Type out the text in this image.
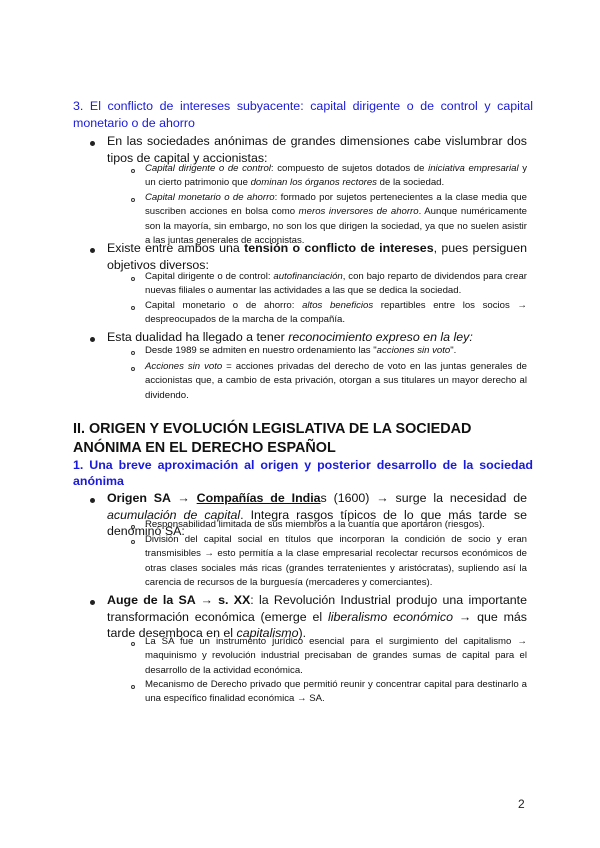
3. El conflicto de intereses subyacente: capital dirigente o de control y capital monetario o de ahorro
En las sociedades anónimas de grandes dimensiones cabe vislumbrar dos tipos de capital y accionistas:
Capital dirigente o de control: compuesto de sujetos dotados de iniciativa empresarial y un cierto patrimonio que dominan los órganos rectores de la sociedad.
Capital monetario o de ahorro: formado por sujetos pertenecientes a la clase media que suscriben acciones en bolsa como meros inversores de ahorro. Aunque numéricamente son la mayoría, sin embargo, no son los que dirigen la sociedad, ya que no suelen asistir a las juntas generales de accionistas.
Existe entre ambos una tensión o conflicto de intereses, pues persiguen objetivos diversos:
Capital dirigente o de control: autofinanciación, con bajo reparto de dividendos para crear nuevas filiales o aumentar las actividades a las que se dedica la sociedad.
Capital monetario o de ahorro: altos beneficios repartibles entre los socios → despreocupados de la marcha de la compañía.
Esta dualidad ha llegado a tener reconocimiento expreso en la ley:
Desde 1989 se admiten en nuestro ordenamiento las "acciones sin voto".
Acciones sin voto = acciones privadas del derecho de voto en las juntas generales de accionistas que, a cambio de esta privación, otorgan a sus titulares un mayor derecho al dividendo.
II. ORIGEN Y EVOLUCIÓN LEGISLATIVA DE LA SOCIEDAD ANÓNIMA EN EL DERECHO ESPAÑOL
1. Una breve aproximación al origen y posterior desarrollo de la sociedad anónima
Origen SA → Compañías de Indias (1600) → surge la necesidad de acumulación de capital. Integra rasgos típicos de lo que más tarde se denominó SA:
Responsabilidad limitada de sus miembros a la cuantía que aportaron (riesgos).
División del capital social en títulos que incorporan la condición de socio y eran transmisibles → esto permitía a la clase empresarial recolectar recursos económicos de otras clases sociales más ricas (grandes terratenientes y aristócratas), supliendo así la carencia de recursos de la burguesía (mercaderes y comerciantes).
Auge de la SA → s. XX: la Revolución Industrial produjo una importante transformación económica (emerge el liberalismo económico → que más tarde desemboca en el capitalismo).
La SA fue un instrumento jurídico esencial para el surgimiento del capitalismo → maquinismo y revolución industrial precisaban de grandes sumas de capital para el desarrollo de la actividad económica.
Mecanismo de Derecho privado que permitió reunir y concentrar capital para destinarlo a una específico finalidad económica → SA.
2
